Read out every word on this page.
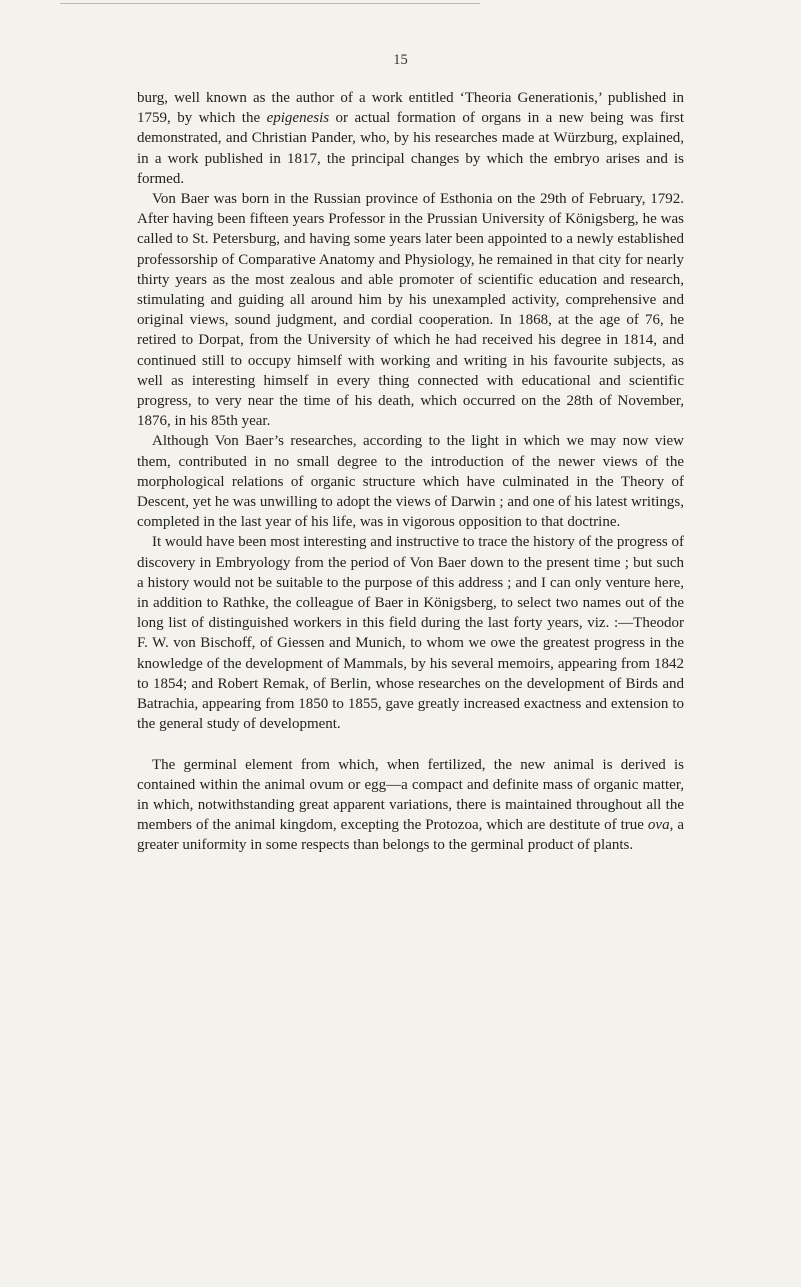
15

burg, well known as the author of a work entitled ‘Theoria Generationis,’ published in 1759, by which the epigenesis or actual formation of organs in a new being was first demonstrated, and Christian Pander, who, by his researches made at Würzburg, explained, in a work published in 1817, the principal changes by which the embryo arises and is formed.

Von Baer was born in the Russian province of Esthonia on the 29th of February, 1792. After having been fifteen years Professor in the Prussian University of Königsberg, he was called to St. Petersburg, and having some years later been appointed to a newly established professorship of Comparative Anatomy and Physiology, he remained in that city for nearly thirty years as the most zealous and able promoter of scientific education and research, stimulating and guiding all around him by his unexampled activity, comprehensive and original views, sound judgment, and cordial cooperation. In 1868, at the age of 76, he retired to Dorpat, from the University of which he had received his degree in 1814, and continued still to occupy himself with working and writing in his favourite subjects, as well as interesting himself in every thing connected with educational and scientific progress, to very near the time of his death, which occurred on the 28th of November, 1876, in his 85th year.

Although Von Baer’s researches, according to the light in which we may now view them, contributed in no small degree to the introduction of the newer views of the morphological relations of organic structure which have culminated in the Theory of Descent, yet he was unwilling to adopt the views of Darwin ; and one of his latest writings, completed in the last year of his life, was in vigorous opposition to that doctrine.

It would have been most interesting and instructive to trace the history of the progress of discovery in Embryology from the period of Von Baer down to the present time ; but such a history would not be suitable to the purpose of this address ; and I can only venture here, in addition to Rathke, the colleague of Baer in Königsberg, to select two names out of the long list of distinguished workers in this field during the last forty years, viz. :—Theodor F. W. von Bischoff, of Giessen and Munich, to whom we owe the greatest progress in the knowledge of the development of Mammals, by his several memoirs, appearing from 1842 to 1854; and Robert Remak, of Berlin, whose researches on the development of Birds and Batrachia, appearing from 1850 to 1855, gave greatly increased exactness and extension to the general study of development.

The germinal element from which, when fertilized, the new animal is derived is contained within the animal ovum or egg—a compact and definite mass of organic matter, in which, notwithstanding great apparent variations, there is maintained throughout all the members of the animal kingdom, excepting the Protozoa, which are destitute of true ova, a greater uniformity in some respects than belongs to the germinal product of plants.
